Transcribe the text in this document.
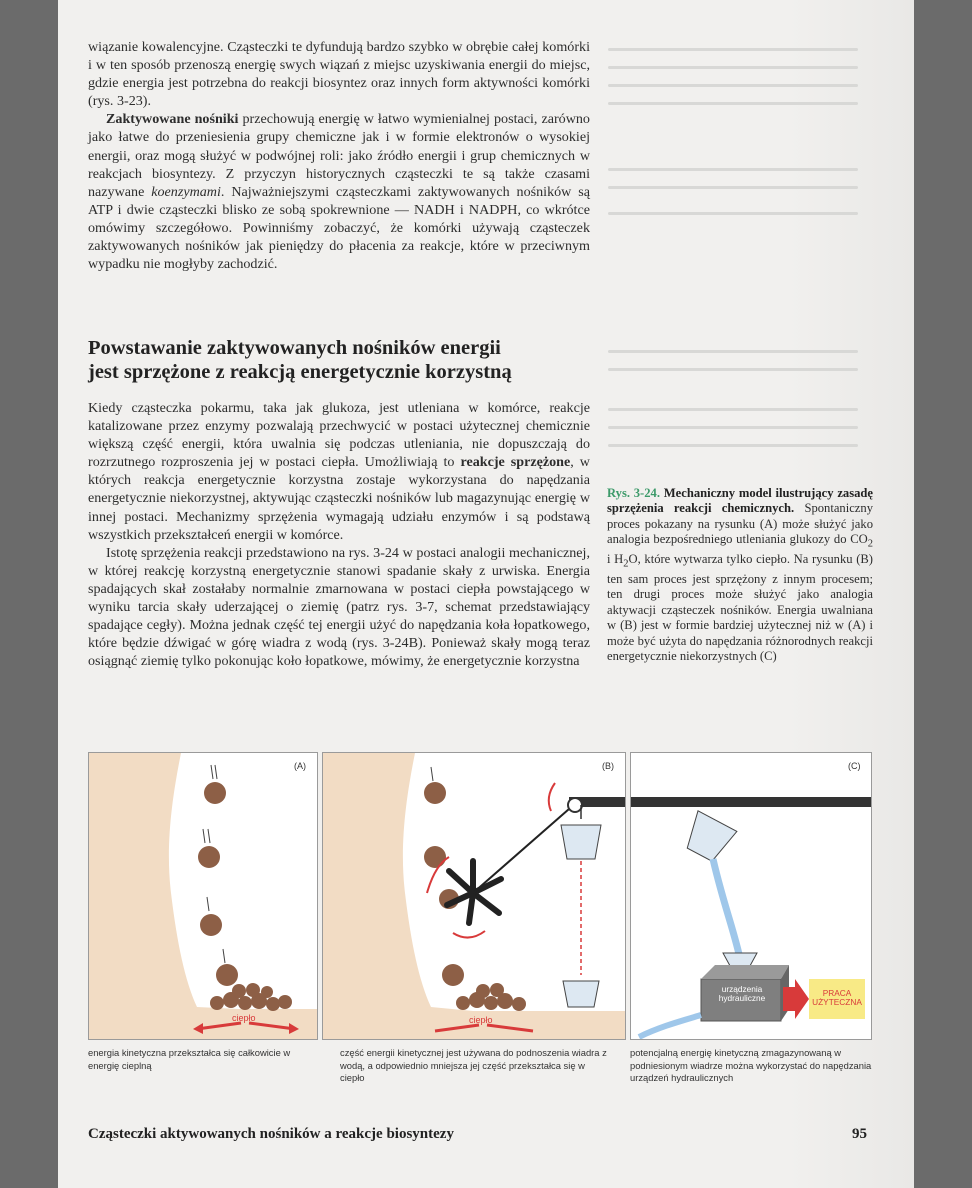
wiązanie kowalencyjne. Cząsteczki te dyfundują bardzo szybko w obrębie całej komórki i w ten sposób przenoszą energię swych wiązań z miejsc uzyskiwania energii do miejsc, gdzie energia jest potrzebna do reakcji biosyntez oraz innych form aktywności komórki (rys. 3-23).

Zaktywowane nośniki przechowują energię w łatwo wymienialnej postaci, zarówno jako łatwe do przeniesienia grupy chemiczne jak i w formie elektronów o wysokiej energii, oraz mogą służyć w podwójnej roli: jako źródło energii i grup chemicznych w reakcjach biosyntezy. Z przyczyn historycznych cząsteczki te są także czasami nazywane koenzymami. Najważniejszymi cząsteczkami zaktywowanych nośników są ATP i dwie cząsteczki blisko ze sobą spokrewnione — NADH i NADPH, co wkrótce omówimy szczegółowo. Powinniśmy zobaczyć, że komórki używają cząsteczek zaktywowanych nośników jak pieniędzy do płacenia za reakcje, które w przeciwnym wypadku nie mogłyby zachodzić.

Powstawanie zaktywowanych nośników energii
jest sprzężone z reakcją energetycznie korzystną

Kiedy cząsteczka pokarmu, taka jak glukoza, jest utleniana w komórce, reakcje katalizowane przez enzymy pozwalają przechwycić w postaci użytecznej chemicznie większą część energii, która uwalnia się podczas utleniania, nie dopuszczają do rozrzutnego rozproszenia jej w postaci ciepła. Umożliwiają to reakcje sprzężone, w których reakcja energetycznie korzystna zostaje wykorzystana do napędzania energetycznie niekorzystnej, aktywując cząsteczki nośników lub magazynując energię w innej postaci. Mechanizmy sprzężenia wymagają udziału enzymów i są podstawą wszystkich przekształceń energii w komórce.

Istotę sprzężenia reakcji przedstawiono na rys. 3-24 w postaci analogii mechanicznej, w której reakcję korzystną energetycznie stanowi spadanie skały z urwiska. Energia spadających skał zostałaby normalnie zmarnowana w postaci ciepła powstającego w wyniku tarcia skały uderzającej o ziemię (patrz rys. 3-7, schemat przedstawiający spadające cegły). Można jednak część tej energii użyć do napędzania koła łopatkowego, które będzie dźwigać w górę wiadra z wodą (rys. 3-24B). Ponieważ skały mogą teraz osiągnąć ziemię tylko pokonując koło łopatkowe, mówimy, że energetycznie korzystna

Rys. 3-24. Mechaniczny model ilustrujący zasadę sprzężenia reakcji chemicznych. Spontaniczny proces pokazany na rysunku (A) może służyć jako analogia bezpośredniego utleniania glukozy do $CO_2$ i $H_2O$, które wytwarza tylko ciepło. Na rysunku (B) ten sam proces jest sprzężony z innym procesem; ten drugi proces może służyć jako analogia aktywacji cząsteczek nośników. Energia uwalniana w (B) jest w formie bardziej użytecznej niż w (A) i może być użyta do napędzania różnorodnych reakcji energetycznie niekorzystnych (C)
ciepło
(A)
ciepło
(B)	(C)
urządzenia hydrauliczne	PRACA UŻYTECZNA
energia kinetyczna przekształca się całkowicie w energię cieplną
część energii kinetycznej jest używana do podnoszenia wiadra z wodą, a odpowiednio mniejsza jej część przekształca się w ciepło
potencjalną energię kinetyczną zmagazynowaną w podniesionym wiadrze można wykorzystać do napędzania urządzeń hydraulicznych
Cząsteczki aktywowanych nośników a reakcje biosyntezy	95
